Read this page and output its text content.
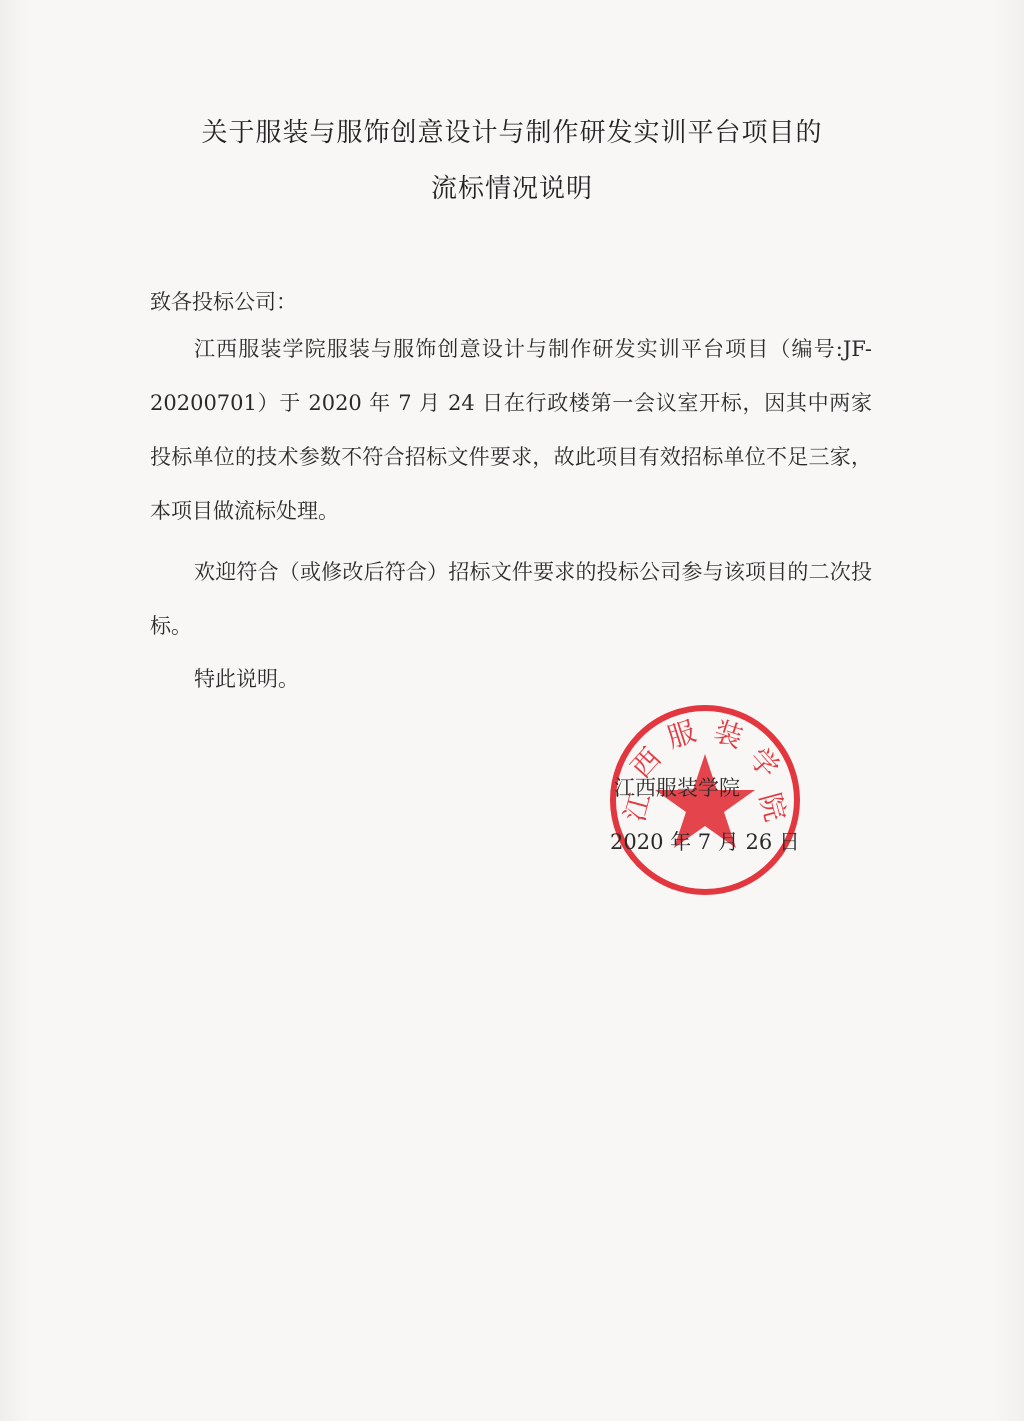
关于服装与服饰创意设计与制作研发实训平台项目的
流标情况说明

致各投标公司：

江西服装学院服装与服饰创意设计与制作研发实训平台项目（编号:JF-20200701）于 2020 年 7 月 24 日在行政楼第一会议室开标，因其中两家投标单位的技术参数不符合招标文件要求，故此项目有效招标单位不足三家，本项目做流标处理。

欢迎符合（或修改后符合）招标文件要求的投标公司参与该项目的二次投标。

特此说明。

江
西
服 装
学
院

江西服装学院

2020 年 7 月 26 日
